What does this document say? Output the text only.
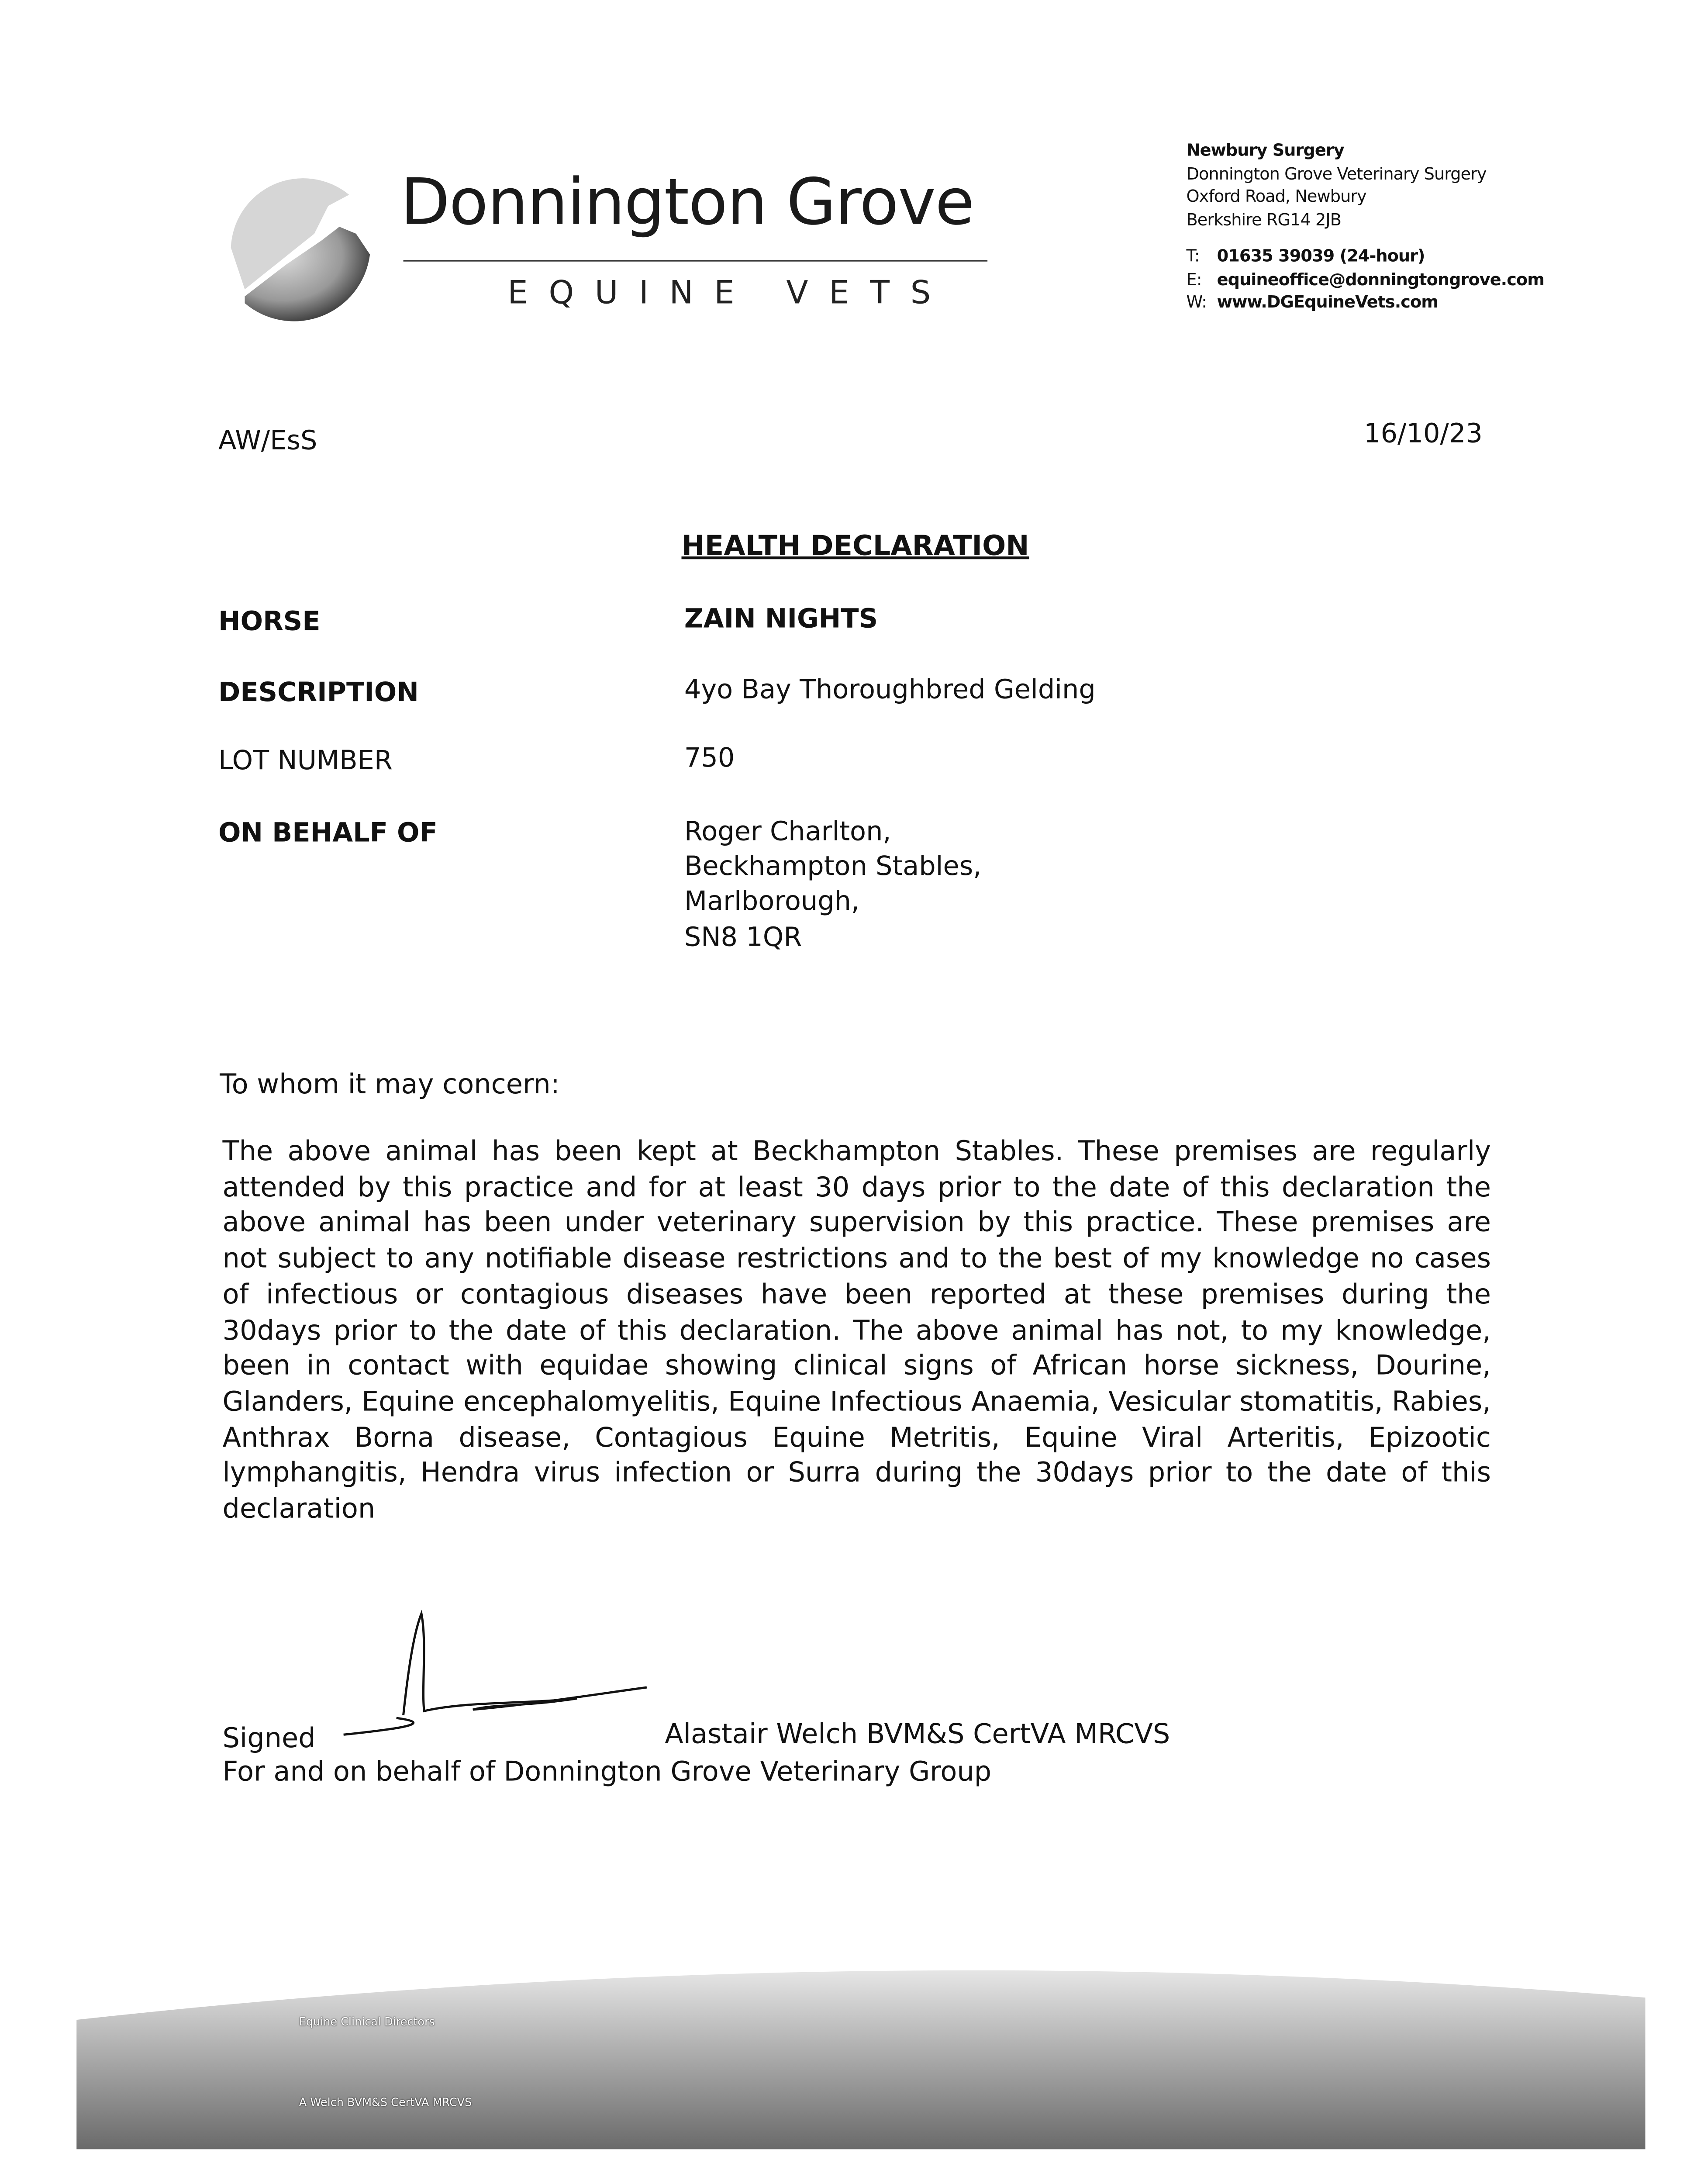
Donnington Grove
EQUINE VETS
Newbury Surgery
Donnington Grove Veterinary Surgery
Oxford Road, Newbury
Berkshire RG14 2JB
T:	01635 39039 (24-hour)
E:	equineoffice@donningtongrove.com
W: www.DGEquineVets.com
AW/EsS	16/10/23
HEALTH DECLARATION
HORSE	ZAIN NIGHTS
DESCRIPTION	4yo Bay Thoroughbred Gelding
LOT NUMBER	750
ON BEHALF OF	Roger Charlton,
Beckhampton Stables,
Marlborough,
SN8 1QR
To whom it may concern:
The above animal has been kept at Beckhampton Stables. These premises are regularly attended by this practice and for at least 30 days prior to the date of this declaration the above animal has been under veterinary supervision by this practice. These premises are not subject to any notifiable disease restrictions and to the best of my knowledge no cases of infectious or contagious diseases have been reported at these premises during the 30days prior to the date of this declaration. The above animal has not, to my knowledge, been in contact with equidae showing clinical signs of African horse sickness, Dourine, Glanders, Equine encephalomyelitis, Equine Infectious Anaemia, Vesicular stomatitis, Rabies, Anthrax Borna disease, Contagious Equine Metritis, Equine Viral Arteritis, Epizootic lymphangitis, Hendra virus infection or Surra during the 30days prior to the date of this declaration
Signed	Alastair Welch BVM&S CertVA MRCVS
For and on behalf of Donnington Grove Veterinary Group
Equine Clinical Directors
A Welch BVM&S CertVA MRCVS
